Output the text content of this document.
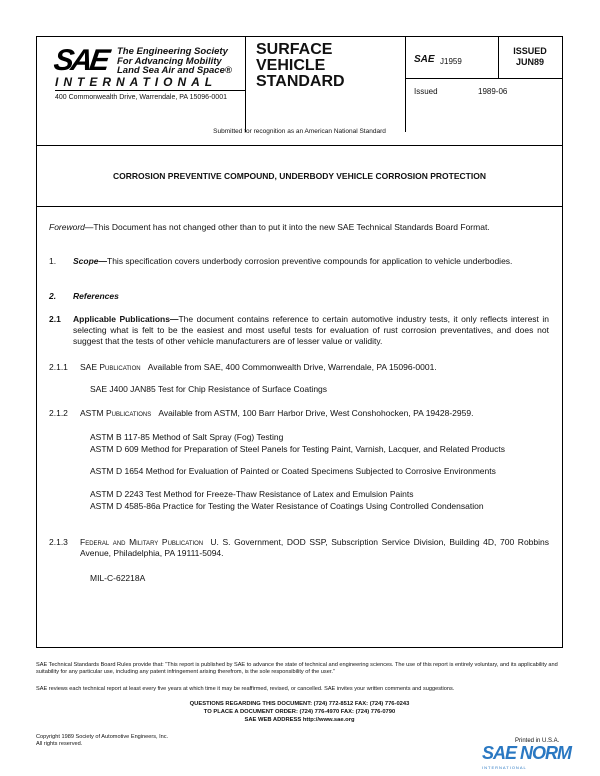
SAE The Engineering Society
For Advancing Mobility
Land Sea Air and Space®
INTERNATIONAL
400 Commonwealth Drive, Warrendale, PA 15096-0001
SURFACE
VEHICLE
STANDARD
SAE J1959
ISSUED
JUN89
Issued	1989-06
Submitted for recognition as an American National Standard
CORROSION PREVENTIVE COMPOUND, UNDERBODY VEHICLE CORROSION PROTECTION
Foreword—This Document has not changed other than to put it into the new SAE Technical Standards Board Format.
1. Scope—This specification covers underbody corrosion preventive compounds for application to vehicle underbodies.
2. References
2.1 Applicable Publications—The document contains reference to certain automotive industry tests, it only reflects interest in selecting what is felt to be the easiest and most useful tests for evaluation of rust corrosion preventatives, and does not suggest that the tests of other vehicle manufacturers are of lesser value or validity.
2.1.1 SAE Publication Available from SAE, 400 Commonwealth Drive, Warrendale, PA 15096-0001.
SAE J400 JAN85 Test for Chip Resistance of Surface Coatings
2.1.2 ASTM Publications Available from ASTM, 100 Barr Harbor Drive, West Conshohocken, PA 19428-2959.
ASTM B 117-85 Method of Salt Spray (Fog) Testing
ASTM D 609 Method for Preparation of Steel Panels for Testing Paint, Varnish, Lacquer, and Related Products
ASTM D 1654 Method for Evaluation of Painted or Coated Specimens Subjected to Corrosive Environments
ASTM D 2243 Test Method for Freeze-Thaw Resistance of Latex and Emulsion Paints
ASTM D 4585-86a Practice for Testing the Water Resistance of Coatings Using Controlled Condensation
2.1.3 Federal and Military Publication U. S. Government, DOD SSP, Subscription Service Division, Building 4D, 700 Robbins Avenue, Philadelphia, PA 19111-5094.
MIL-C-62218A
SAE Technical Standards Board Rules provide that: “This report is published by SAE to advance the state of technical and engineering sciences. The use of this report is entirely voluntary, and its applicability and suitability for any particular use, including any patent infringement arising therefrom, is the sole responsibility of the user.”
SAE reviews each technical report at least every five years at which time it may be reaffirmed, revised, or cancelled. SAE invites your written comments and suggestions.
QUESTIONS REGARDING THIS DOCUMENT: (724) 772-8512 FAX: (724) 776-0243
TO PLACE A DOCUMENT ORDER: (724) 776-4970 FAX: (724) 776-0790
SAE WEB ADDRESS http://www.sae.org
Copyright 1989 Society of Automotive Engineers, Inc.
All rights reserved.	Printed in U.S.A.
SAE NORM
INTERNATIONAL
